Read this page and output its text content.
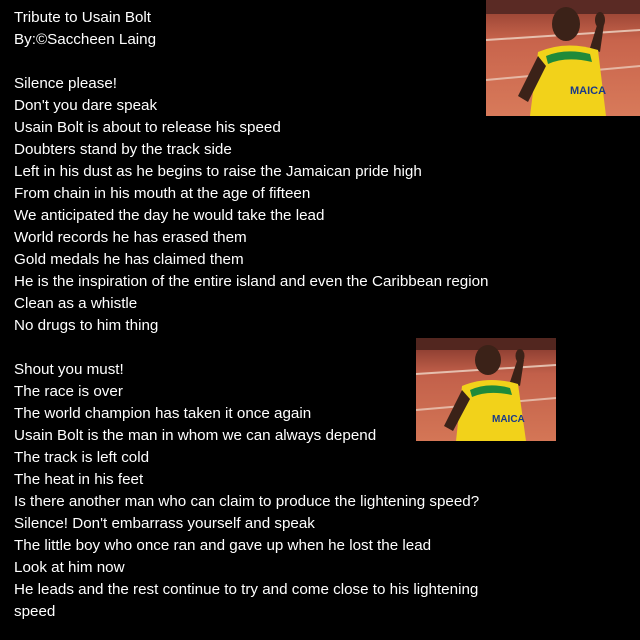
Tribute to Usain Bolt
By:©Saccheen Laing
Silence please!
Don't you dare speak
Usain Bolt is about to release his speed
Doubters stand by the track side
Left in his dust as he begins to raise the Jamaican pride high
From chain in his mouth at the age of fifteen
We anticipated the day he would take the lead
World records he has erased them
Gold medals he has claimed them
He is the inspiration of the entire island and even the Caribbean region
Clean as a whistle
No drugs to him thing
Shout you must!
The race is over
The world champion has taken it once again
Usain Bolt is the man in whom we can always depend
The track is left cold
The heat in his feet
Is there another man who can claim to produce the lightening speed?
Silence! Don't embarrass yourself and speak
The little boy who once ran and gave up when he lost the lead
Look at him now
He leads and the rest continue to try and come close to his lightening speed
MAICA
MAICA
